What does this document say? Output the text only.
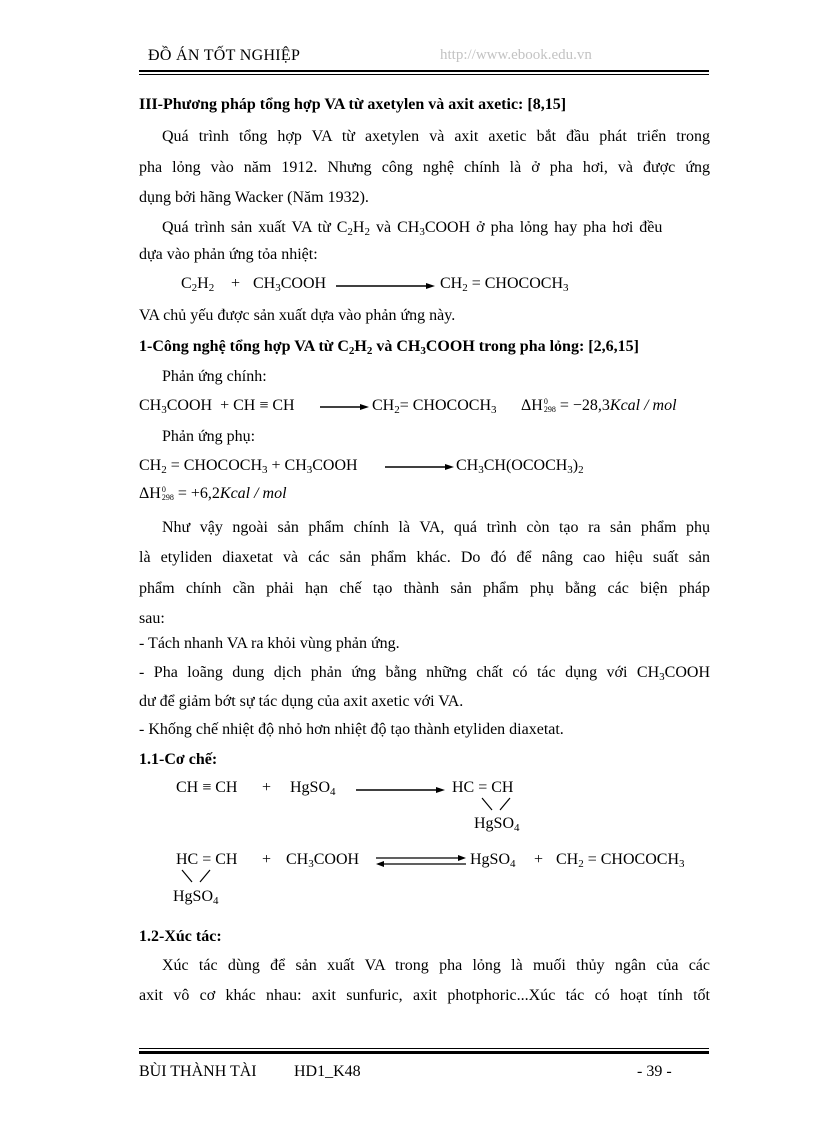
ĐỒ ÁN TỐT NGHIỆP	http://www.ebook.edu.vn
III-Phương pháp tổng hợp VA từ axetylen và axit axetic: [8,15]
Quá trình tổng hợp VA từ axetylen và axit axetic bắt đầu phát triển trong
pha lỏng vào năm 1912. Nhưng công nghệ chính là ở pha hơi, và được ứng
dụng bởi hãng Wacker (Năm 1932).
Quá trình sản xuất VA từ $C_2H_2$ và $CH_3COOH$ ở pha lỏng hay pha hơi đều
dựa vào phản ứng tỏa nhiệt:
$C_2H_2$ + $CH_3COOH$	$CH_2$ = $CHOCOCH_3$
VA chủ yếu được sản xuất dựa vào phản ứng này.
1-Công nghệ tổng hợp VA từ $C_2H_2$ và $CH_3COOH$ trong pha lỏng: [2,6,15]
Phản ứng chính:
$CH_3COOH$  + CH ≡ CH	$CH_2=$ $CHOCOCH_3$ ΔH 0
298 = −28,3Kcal / mol
Phản ứng phụ:
$CH_2$ = $CHOCOCH_3$ + $CH_3COOH$	$CH_3CH(OCOCH_3)_2$
ΔH 0
298 = +6,2Kcal / mol
Như vậy ngoài sản phẩm chính là VA, quá trình còn tạo ra sản phẩm phụ
là etyliden diaxetat và các sản phẩm khác. Do đó để nâng cao hiệu suất sản
phẩm chính cần phải hạn chế tạo thành sản phẩm phụ bằng các biện pháp
sau:
- Tách nhanh VA ra khỏi vùng phản ứng.
- Pha loãng dung dịch phản ứng bằng những chất có tác dụng với $CH_3COOH$
dư để giảm bớt sự tác dụng của axit axetic với VA.
- Khống chế nhiệt độ nhỏ hơn nhiệt độ tạo thành etyliden diaxetat.
1.1-Cơ chế:
CH ≡ CH + HgSO$_4$	HC = CH
HgSO$_4$
HC = CH + $CH_3COOH$	HgSO$_4$ + $CH_2$ = $CHOCOCH_3$
HgSO$_4$
1.2-Xúc tác:
Xúc tác dùng để sản xuất VA trong pha lỏng là muối thủy ngân của các
axit vô cơ khác nhau: axit sunfuric, axit photphoric...Xúc tác có hoạt tính tốt
BÙI THÀNH TÀI HD1_K48	- 39 -
